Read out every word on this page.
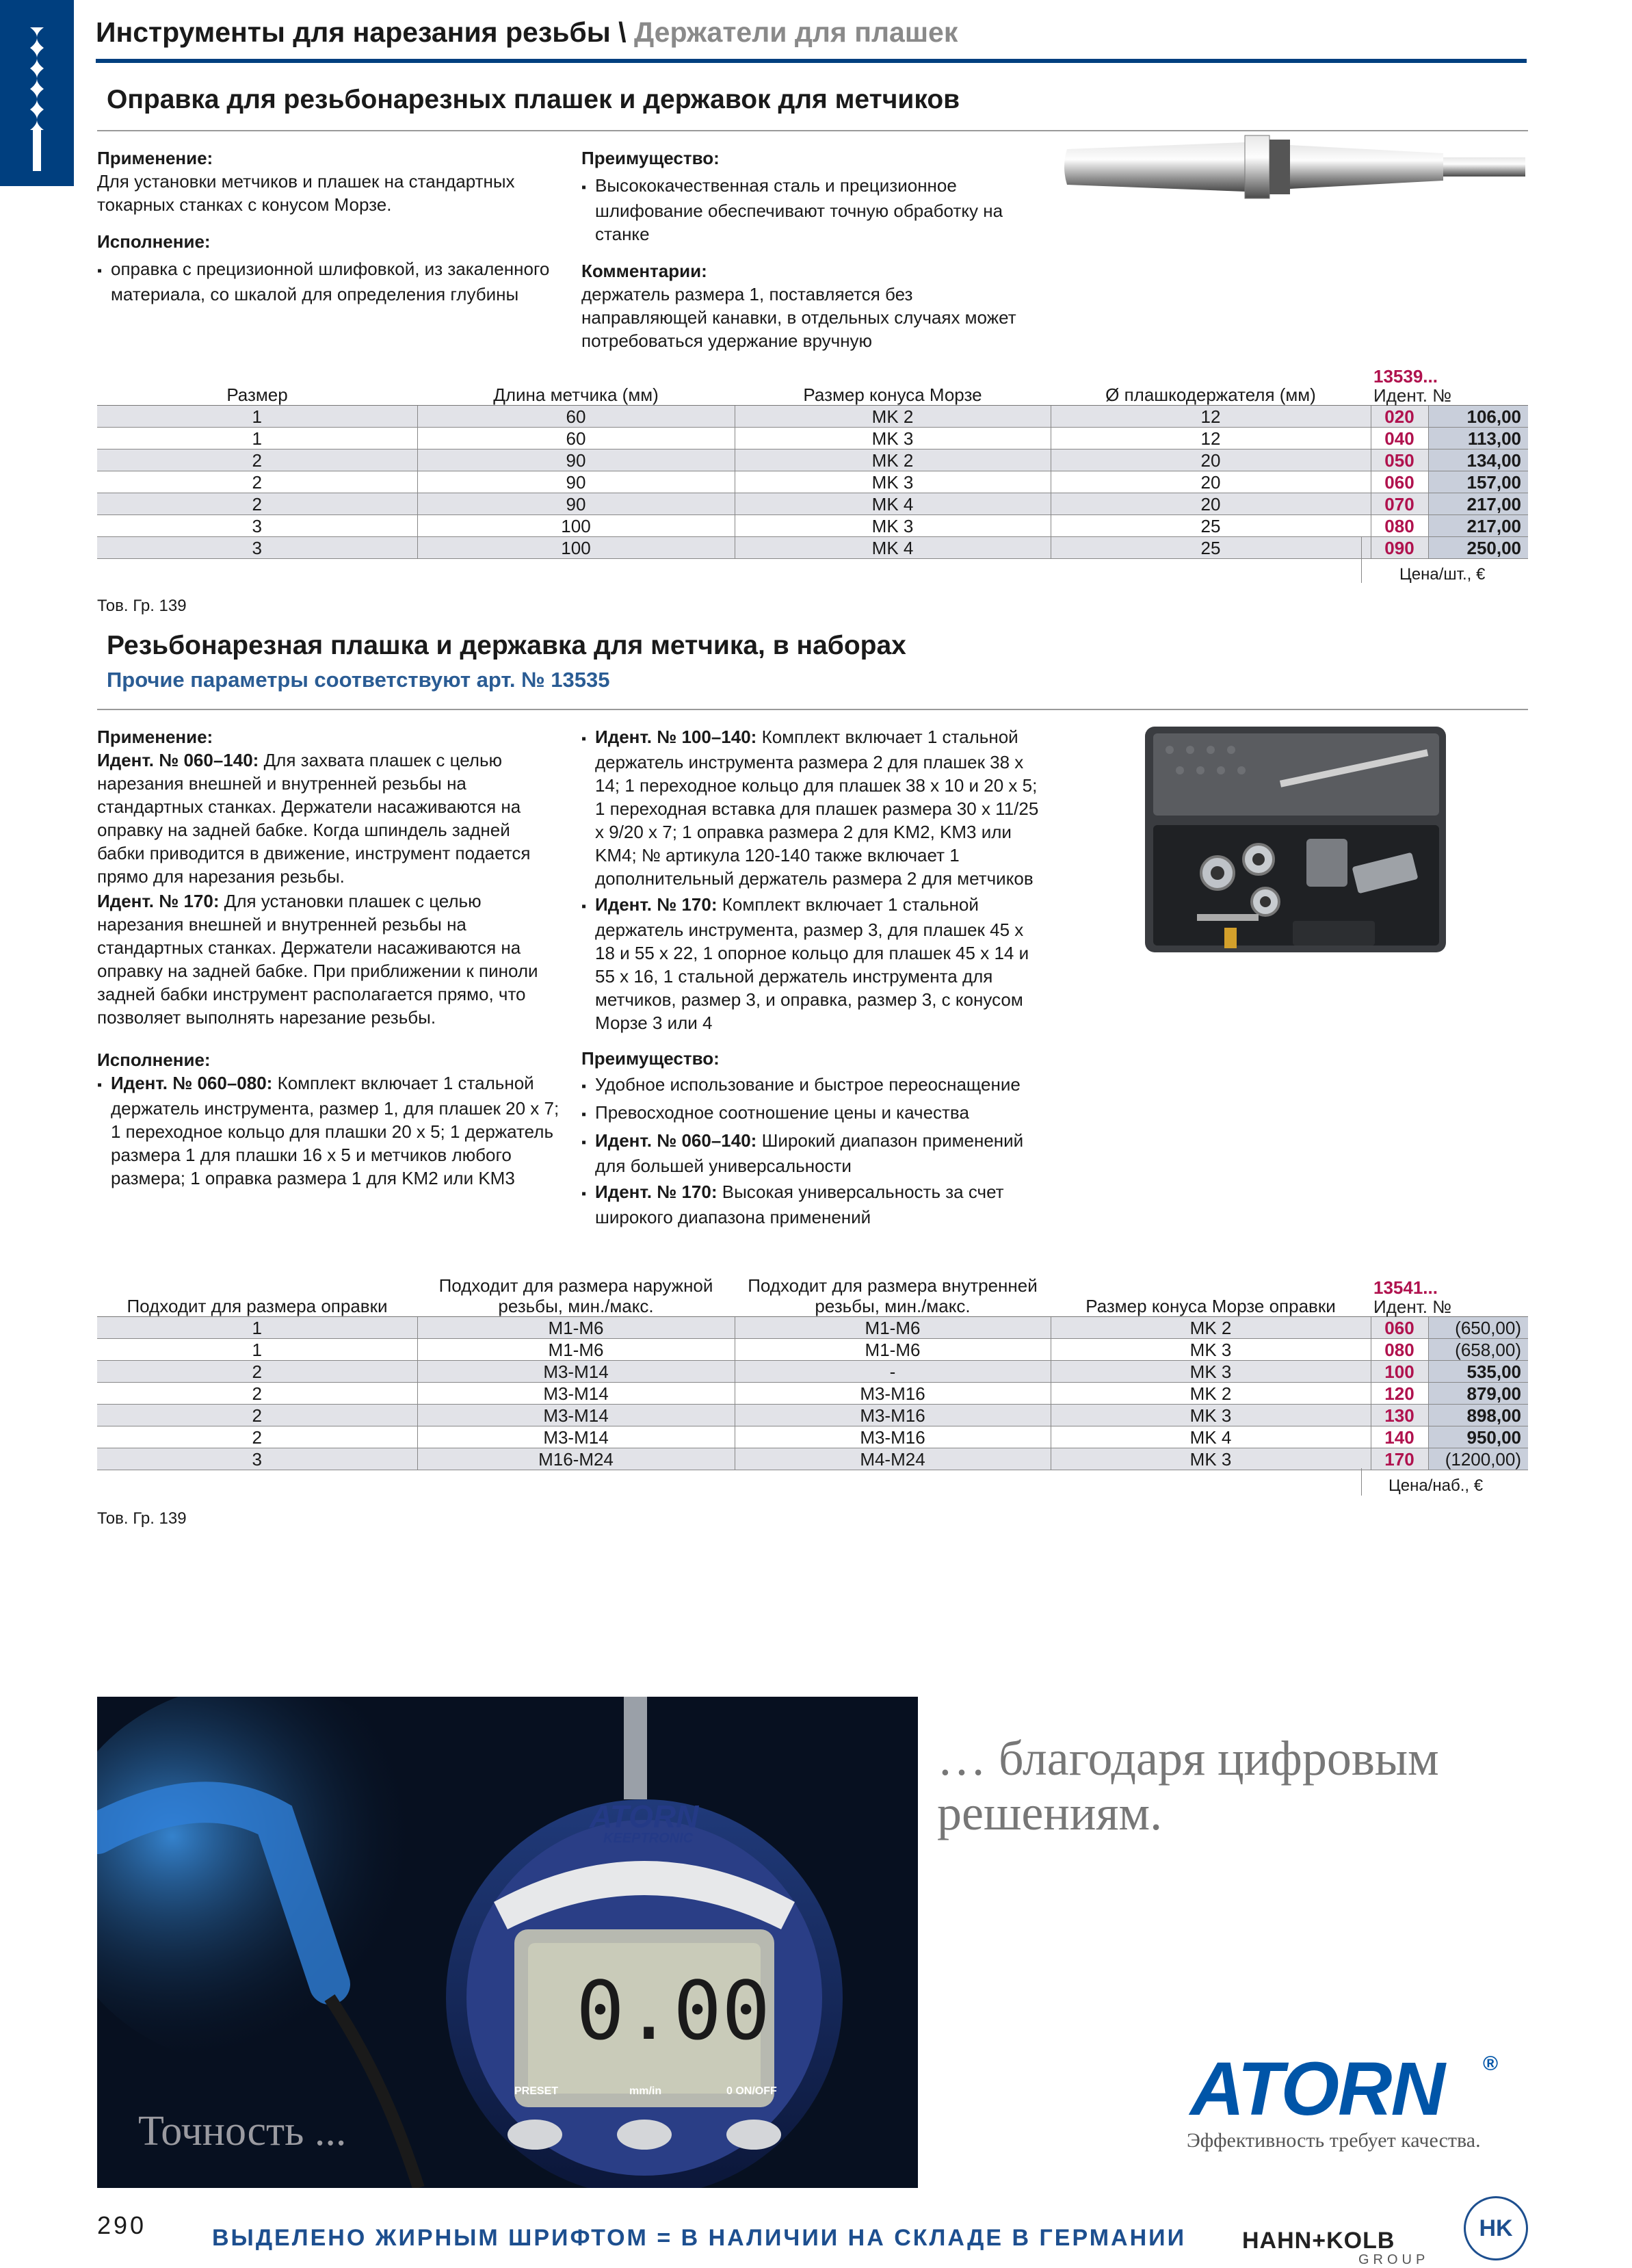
Инструменты для нарезания резьбы \ Держатели для плашек
Оправка для резьбонарезных плашек и державок для метчиков
Применение:
Для установки метчиков и плашек на стандартных токарных станках с конусом Морзе.
Исполнение:
▪ оправка с прецизионной шлифовкой, из закаленного материала, со шкалой для определения глубины
Преимущество:
▪ Высококачественная сталь и прецизионное шлифование обеспечивают точную обработку на станке
Комментарии:
держатель размера 1, поставляется без направляющей канавки, в отдельных случаях может потребоваться удержание вручную
Размер	Длина метчика (мм)	Размер конуса Морзе	Ø плашкодержателя (мм)	13539...
Идент. №	

1	60	MK 2	12	020	106,00
1	60	MK 3	12	040	113,00
2	90	MK 2	20	050	134,00
2	90	MK 3	20	060	157,00
2	90	MK 4	20	070	217,00
3	100	MK 3	25	080	217,00
3	100	MK 4	25	090	250,00
Цена/шт., €
Тов. Гр. 139
Резьбонарезная плашка и державка для метчика, в наборах
Прочие параметры соответствуют арт. № 13535
Применение:
Идент. № 060–140: Для захвата плашек с целью нарезания внешней и внутренней резьбы на стандартных станках. Держатели насаживаются на оправку на задней бабке. Когда шпиндель задней бабки приводится в движение, инструмент подается прямо для нарезания резьбы.
Идент. № 170: Для установки плашек с целью нарезания внешней и внутренней резьбы на стандартных станках. Держатели насаживаются на оправку на задней бабке. При приближении к пиноли задней бабки инструмент располагается прямо, что позволяет выполнять нарезание резьбы.
Исполнение:
▪ Идент. № 060–080: Комплект включает 1 стальной держатель инструмента, размер 1, для плашек 20 x 7; 1 переходное кольцо для плашки 20 x 5; 1 держатель размера 1 для плашки 16 x 5 и метчиков любого размера; 1 оправка размера 1 для KM2 или KM3
▪ Идент. № 100–140: Комплект включает 1 стальной держатель инструмента размера 2 для плашек 38 x 14; 1 переходное кольцо для плашек 38 x 10 и 20 x 5; 1 переходная вставка для плашек размера 30 x 11/25 x 9/20 x 7; 1 оправка размера 2 для KM2, KM3 или KM4; № артикула 120-140 также включает 1 дополнительный держатель размера 2 для метчиков
▪ Идент. № 170: Комплект включает 1 стальной держатель инструмента, размер 3, для плашек 45 x 18 и 55 x 22, 1 опорное кольцо для плашек 45 x 14 и 55 x 16, 1 стальной держатель инструмента для метчиков, размер 3, и оправка, размер 3, с конусом Морзе 3 или 4
Преимущество:
▪ Удобное использование и быстрое переоснащение
▪ Превосходное соотношение цены и качества
▪ Идент. № 060–140: Широкий диапазон применений для большей универсальности
▪ Идент. № 170: Высокая универсальность за счет широкого диапазона применений
Подходит для размера оправки	Подходит для размера наружной резьбы, мин./макс.	Подходит для размера внутренней резьбы, мин./макс.	Размер конуса Морзе оправки	13541...
Идент. №	

1	M1-M6	M1-M6	MK 2	060	(650,00)
1	M1-M6	M1-M6	MK 3	080	(658,00)
2	M3-M14	-	MK 3	100	535,00
2	M3-M14	M3-M16	MK 2	120	879,00
2	M3-M14	M3-M16	MK 3	130	898,00
2	M3-M14	M3-M16	MK 4	140	950,00
3	M16-M24	M4-M24	MK 3	170	(1200,00)
Цена/наб., €
Тов. Гр. 139
ATORN
KEEPTRONIC
0.00
PRESET	mm/in	0 ON/OFF
Точность ...
… благодаря цифровым
решениям.
ATORN ®
Эффективность требует качества.
290	ВЫДЕЛЕНО ЖИРНЫМ ШРИФТОМ = В НАЛИЧИИ НА СКЛАДЕ В ГЕРМАНИИ HAHN+KOLB
GROUP
HK
